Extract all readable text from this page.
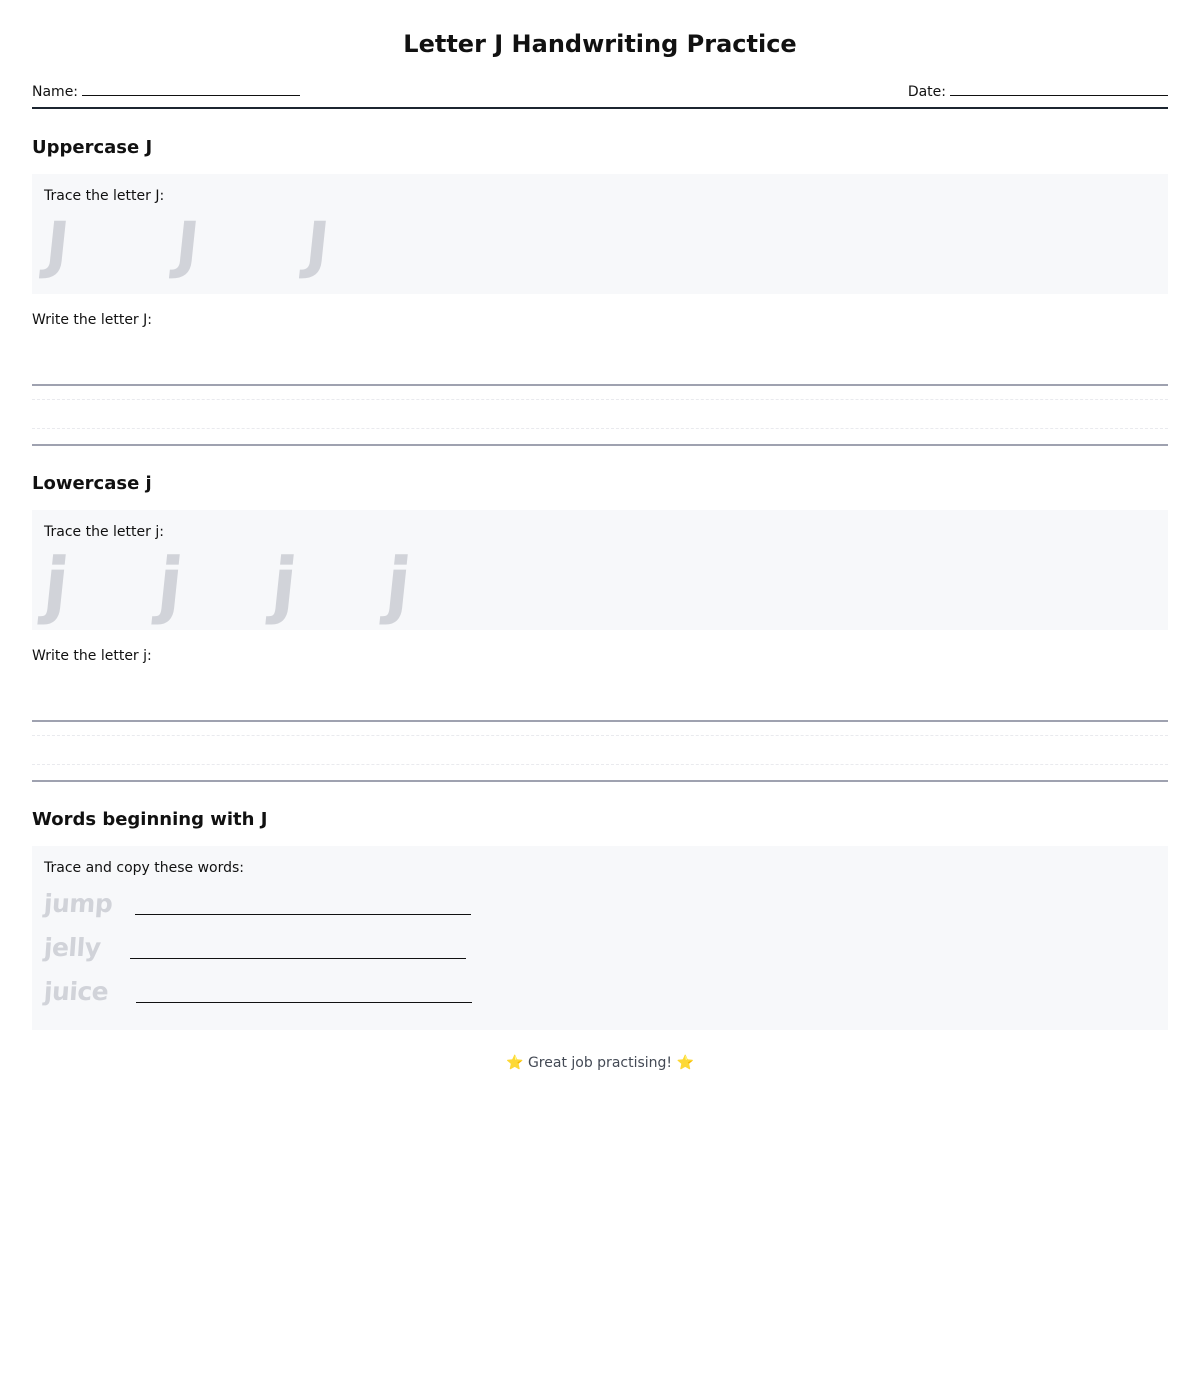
Letter J Handwriting Practice
Name:	Date:
Uppercase J
Trace the letter J:
J J J
Write the letter J:
Lowercase j
Trace the letter j:
j j j j
Write the letter j:
Words beginning with J
Trace and copy these words:
jump
jelly
juice
⭐ Great job practising! ⭐
